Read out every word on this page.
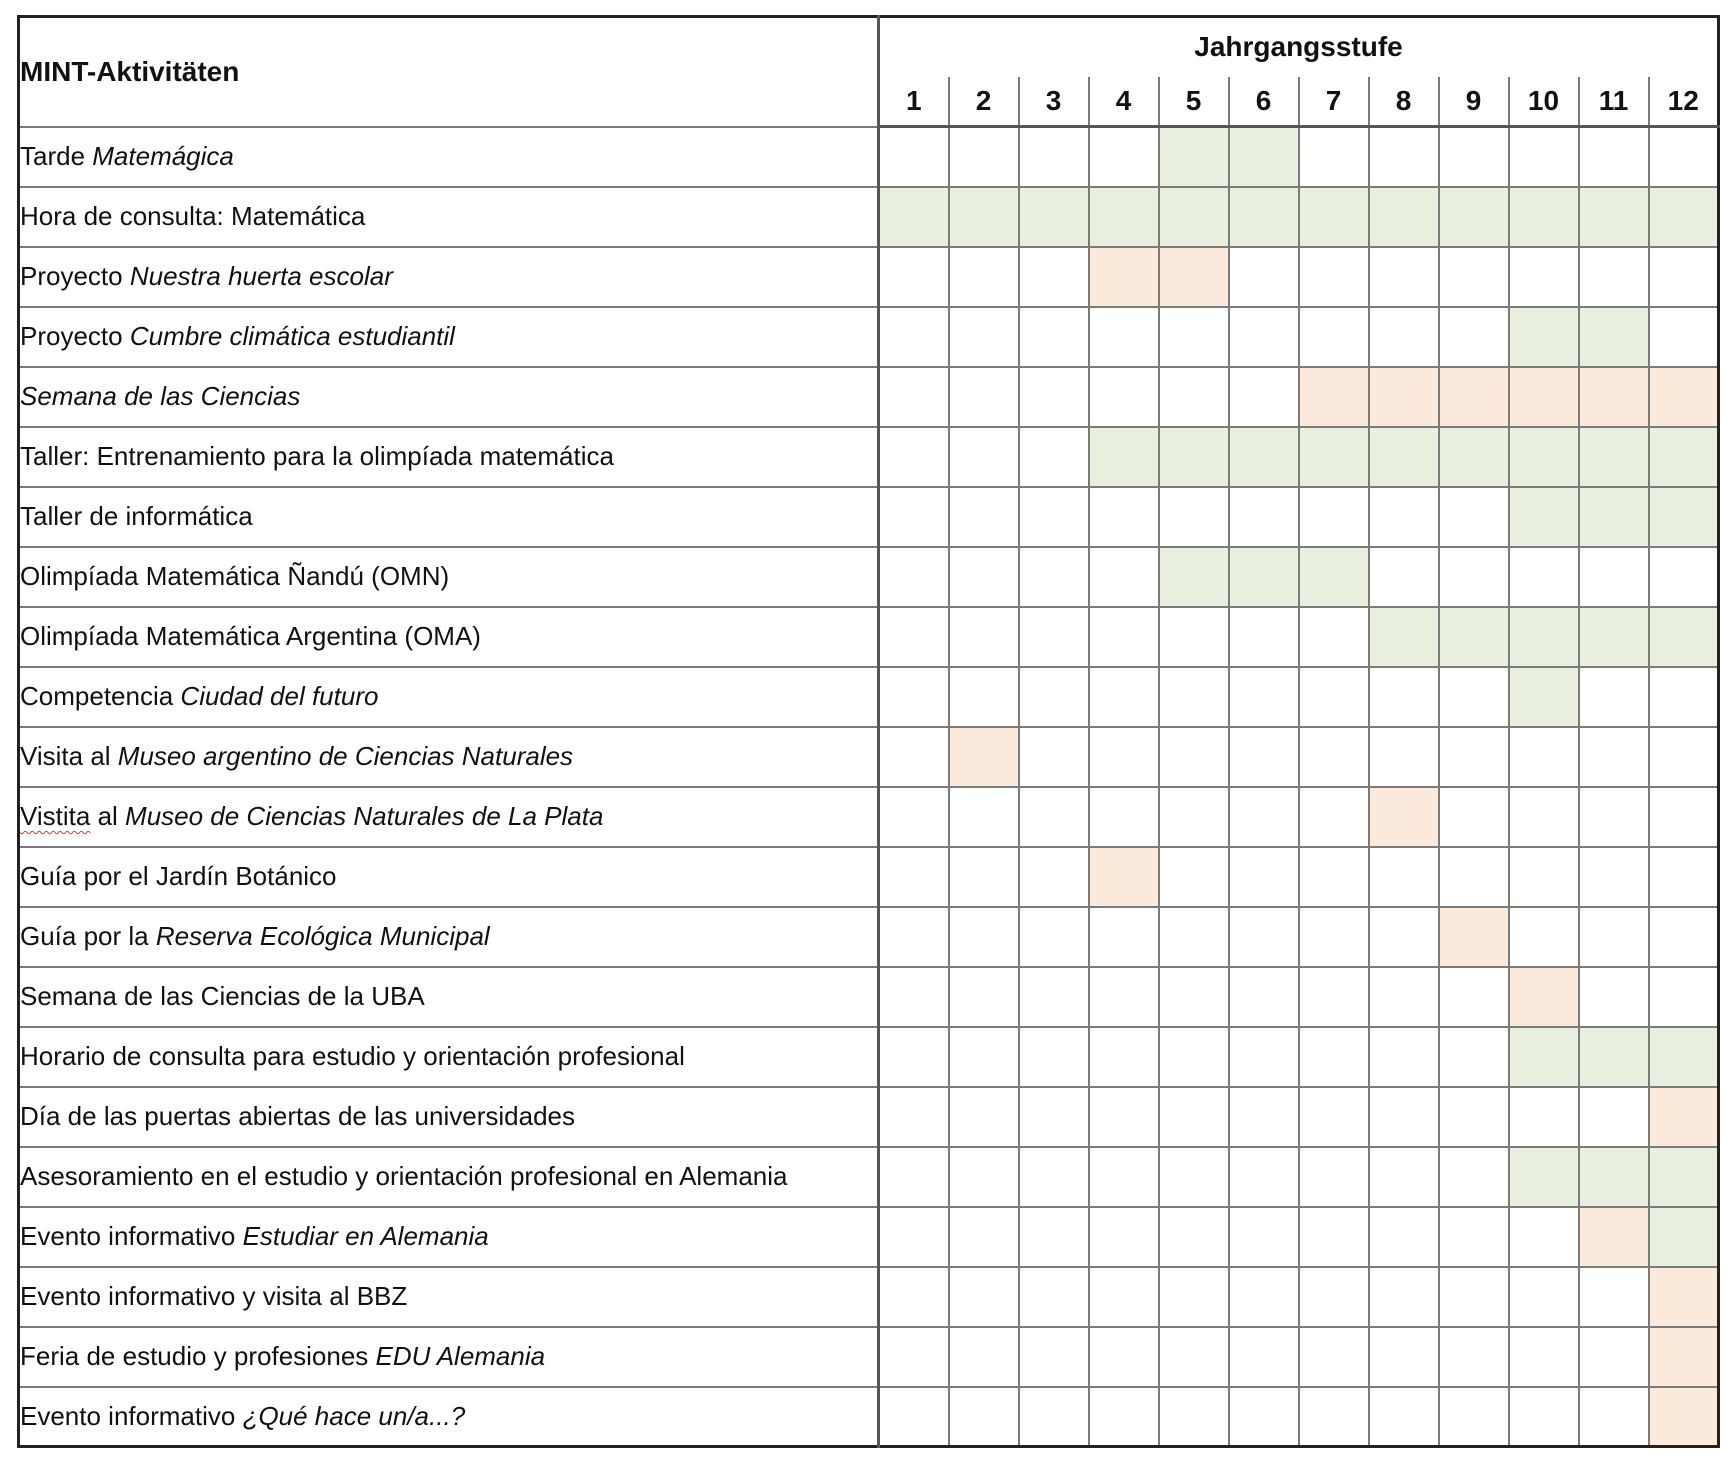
MINT-Aktivitäten	Jahrgangsstufe											
	1	2	3	4	5	6	7	8	9	10	11	12
Tarde Matemágica												
Hora de consulta: Matemática												
Proyecto Nuestra huerta escolar												
Proyecto Cumbre climática estudiantil												
Semana de las Ciencias												
Taller: Entrenamiento para la olimpíada matemática												
Taller de informática												
Olimpíada Matemática Ñandú (OMN)												
Olimpíada Matemática Argentina (OMA)												
Competencia Ciudad del futuro												
Visita al Museo argentino de Ciencias Naturales												
Vistita al Museo de Ciencias Naturales de La Plata												
Guía por el Jardín Botánico												
Guía por la Reserva Ecológica Municipal												
Semana de las Ciencias de la UBA												
Horario de consulta para estudio y orientación profesional												
Día de las puertas abiertas de las universidades												
Asesoramiento en el estudio y orientación profesional en Alemania												
Evento informativo Estudiar en Alemania												
Evento informativo y visita al BBZ												
Feria de estudio y profesiones EDU Alemania												
Evento informativo ¿Qué hace un/a...?												
